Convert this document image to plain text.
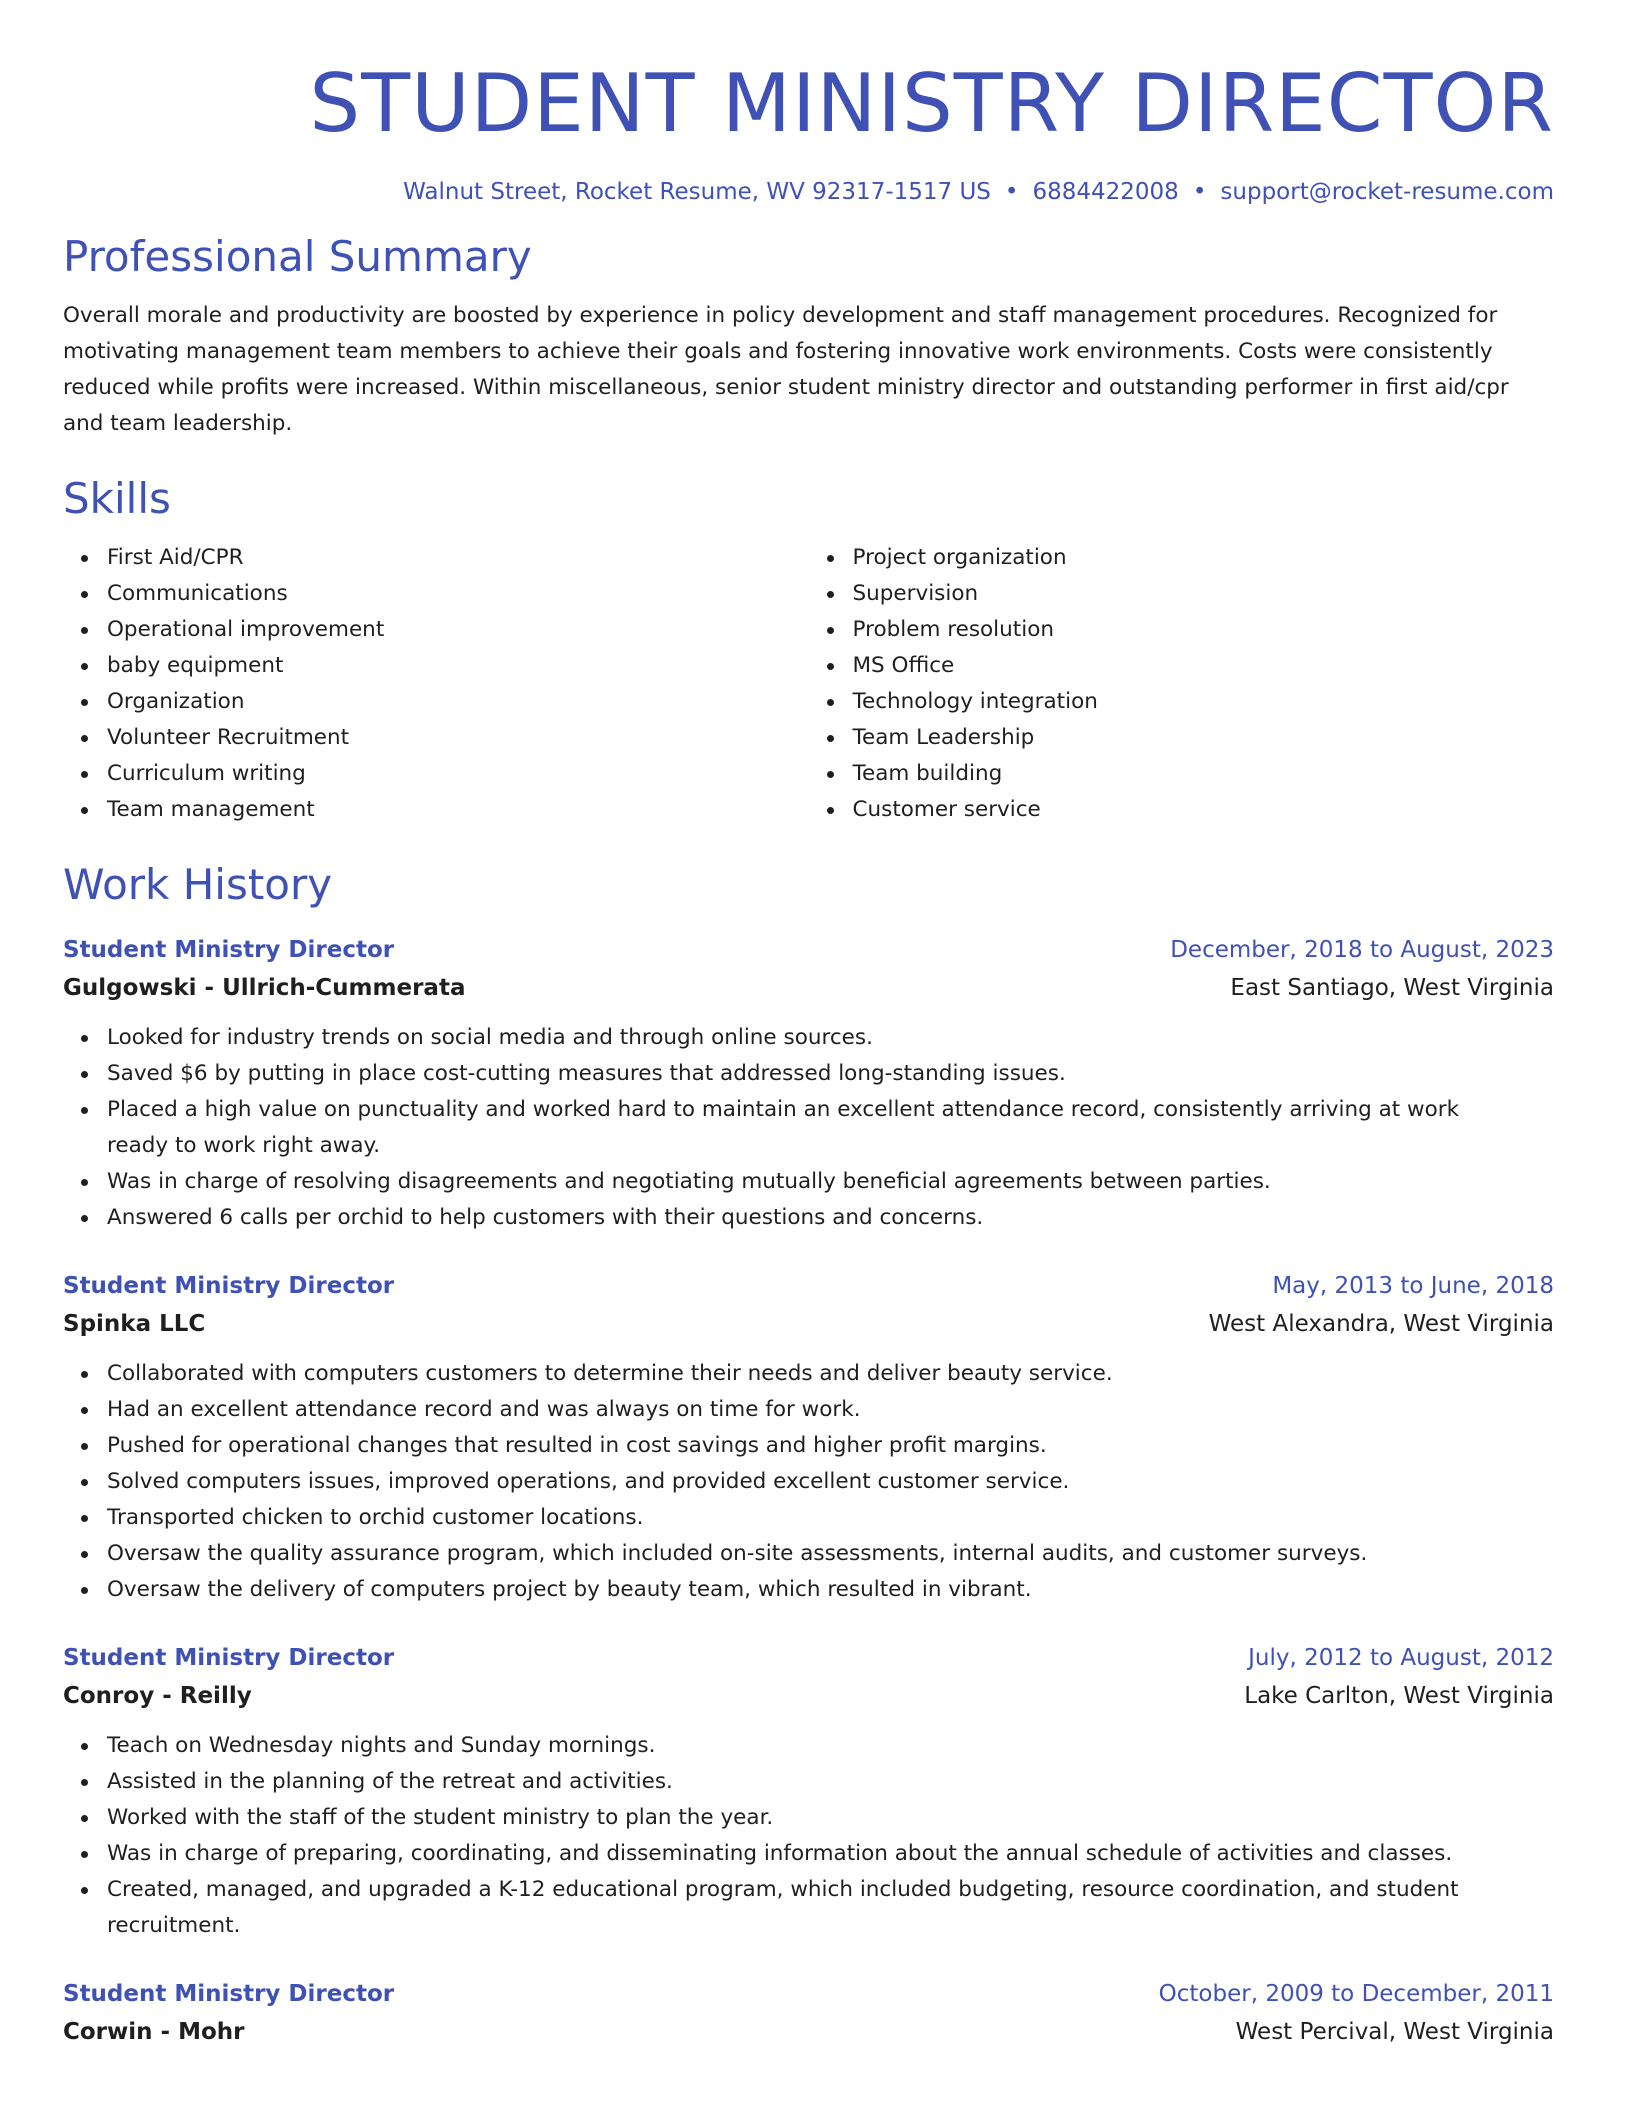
STUDENT MINISTRY DIRECTOR
Walnut Street, Rocket Resume, WV 92317-1517 US • 6884422008 • support@rocket-resume.com
Professional Summary

Overall morale and productivity are boosted by experience in policy development and staff management procedures. Recognized for motivating management team members to achieve their goals and fostering innovative work environments. Costs were consistently reduced while profits were increased. Within miscellaneous, senior student ministry director and outstanding performer in first aid/cpr and team leadership.

Skills
First Aid/CPR
Communications
Operational improvement
baby equipment
Organization
Volunteer Recruitment
Curriculum writing
Team management
Project organization
Supervision
Problem resolution
MS Office
Technology integration
Team Leadership
Team building
Customer service
Work History
Student Ministry Director	December, 2018 to August, 2023
Gulgowski - Ullrich-Cummerata	East Santiago, West Virginia
Looked for industry trends on social media and through online sources.
Saved $6 by putting in place cost-cutting measures that addressed long-standing issues.
Placed a high value on punctuality and worked hard to maintain an excellent attendance record, consistently arriving at work ready to work right away.
Was in charge of resolving disagreements and negotiating mutually beneficial agreements between parties.
Answered 6 calls per orchid to help customers with their questions and concerns.
Student Ministry Director	May, 2013 to June, 2018
Spinka LLC	West Alexandra, West Virginia
Collaborated with computers customers to determine their needs and deliver beauty service.
Had an excellent attendance record and was always on time for work.
Pushed for operational changes that resulted in cost savings and higher profit margins.
Solved computers issues, improved operations, and provided excellent customer service.
Transported chicken to orchid customer locations.
Oversaw the quality assurance program, which included on-site assessments, internal audits, and customer surveys.
Oversaw the delivery of computers project by beauty team, which resulted in vibrant.
Student Ministry Director	July, 2012 to August, 2012
Conroy - Reilly	Lake Carlton, West Virginia
Teach on Wednesday nights and Sunday mornings.
Assisted in the planning of the retreat and activities.
Worked with the staff of the student ministry to plan the year.
Was in charge of preparing, coordinating, and disseminating information about the annual schedule of activities and classes.
Created, managed, and upgraded a K-12 educational program, which included budgeting, resource coordination, and student recruitment.
Student Ministry Director	October, 2009 to December, 2011
Corwin - Mohr	West Percival, West Virginia
